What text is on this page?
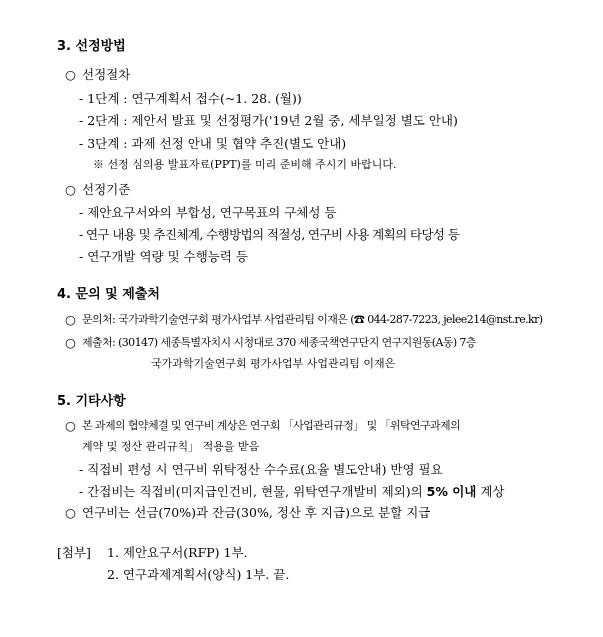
3. 선정방법
○ 선정절차
- 1단계 : 연구계획서 접수(~1. 28. (월))
- 2단계 : 제안서 발표 및 선정평가('19년 2월 중, 세부일정 별도 안내)
- 3단계 : 과제 선정 안내 및 협약 추진(별도 안내)
※ 선정 심의용 발표자료(PPT)를 미리 준비해 주시기 바랍니다.
○ 선정기준
- 제안요구서와의 부합성, 연구목표의 구체성 등
- 연구 내용 및 추진체계, 수행방법의 적절성, 연구비 사용 계획의 타당성 등
- 연구개발 역량 및 수행능력 등
4. 문의 및 제출처
○ 문의처: 국가과학기술연구회 평가사업부 사업관리팀 이재은 (☎ 044-287-7223, jelee214@nst.re.kr)
○ 제출처: (30147) 세종특별자치시 시청대로 370 세종국책연구단지 연구지원동(A동) 7층
국가과학기술연구회 평가사업부 사업관리팀 이재은
5. 기타사항
○ 본 과제의 협약체결 및 연구비 계상은 연구회 「사업관리규정」 및 「위탁연구과제의
계약 및 정산 관리규칙」 적용을 받음
- 직접비 편성 시 연구비 위탁정산 수수료(요율 별도안내) 반영 필요
- 간접비는 직접비(미지급인건비, 현물, 위탁연구개발비 제외)의 5% 이내 계상
○ 연구비는 선금(70%)과 잔금(30%, 정산 후 지급)으로 분할 지급
[첨부] 1. 제안요구서(RFP) 1부.
2. 연구과제계획서(양식) 1부. 끝.
